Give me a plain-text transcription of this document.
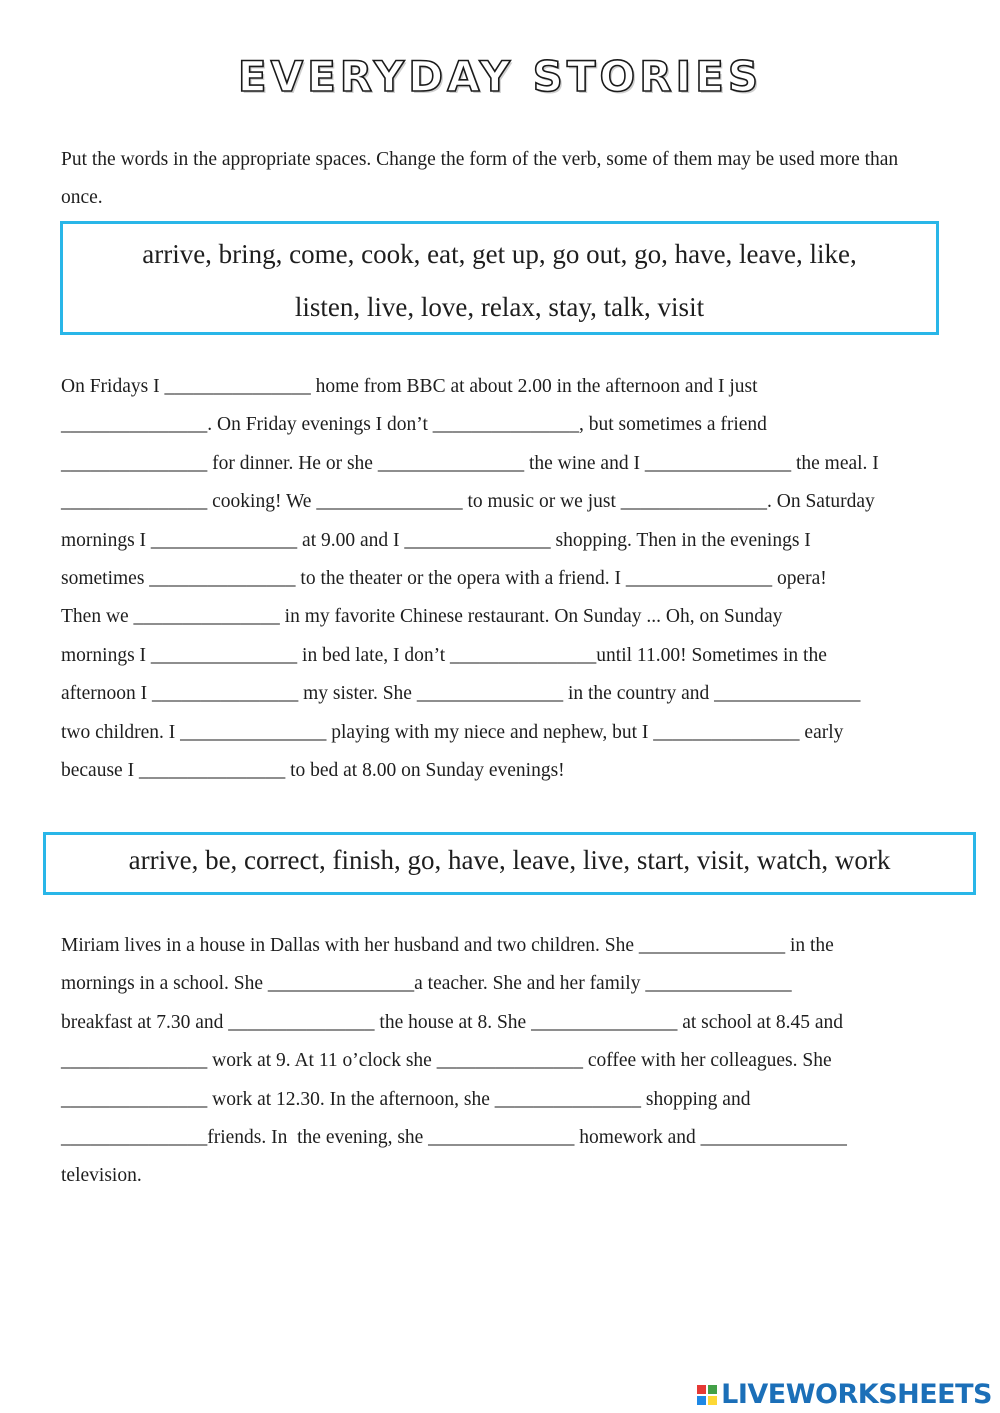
EVERYDAY STORIES
Put the words in the appropriate spaces. Change the form of the verb, some of them may be used more than once.
arrive, bring, come, cook, eat, get up, go out, go, have, leave, like,
listen, live, love, relax, stay, talk, visit
On Fridays I _______________ home from BBC at about 2.00 in the afternoon and I just
_______________. On Friday evenings I don’t _______________, but sometimes a friend
_______________ for dinner. He or she _______________ the wine and I _______________ the meal. I
_______________ cooking! We _______________ to music or we just _______________. On Saturday
mornings I _______________ at 9.00 and I _______________ shopping. Then in the evenings I
sometimes _______________ to the theater or the opera with a friend. I _______________ opera!
Then we _______________ in my favorite Chinese restaurant. On Sunday ... Oh, on Sunday
mornings I _______________ in bed late, I don’t _______________until 11.00! Sometimes in the
afternoon I _______________ my sister. She _______________ in the country and _______________
two children. I _______________ playing with my niece and nephew, but I _______________ early
because I _______________ to bed at 8.00 on Sunday evenings!
arrive, be, correct, finish, go, have, leave, live, start, visit, watch, work
Miriam lives in a house in Dallas with her husband and two children. She _______________ in the
mornings in a school. She _______________a teacher. She and her family _______________
breakfast at 7.30 and _______________ the house at 8. She _______________ at school at 8.45 and
_______________ work at 9. At 11 o’clock she _______________ coffee with her colleagues. She
_______________ work at 12.30. In the afternoon, she _______________ shopping and
_______________friends. In  the evening, she _______________ homework and _______________
television.
LIVEWORKSHEETS
